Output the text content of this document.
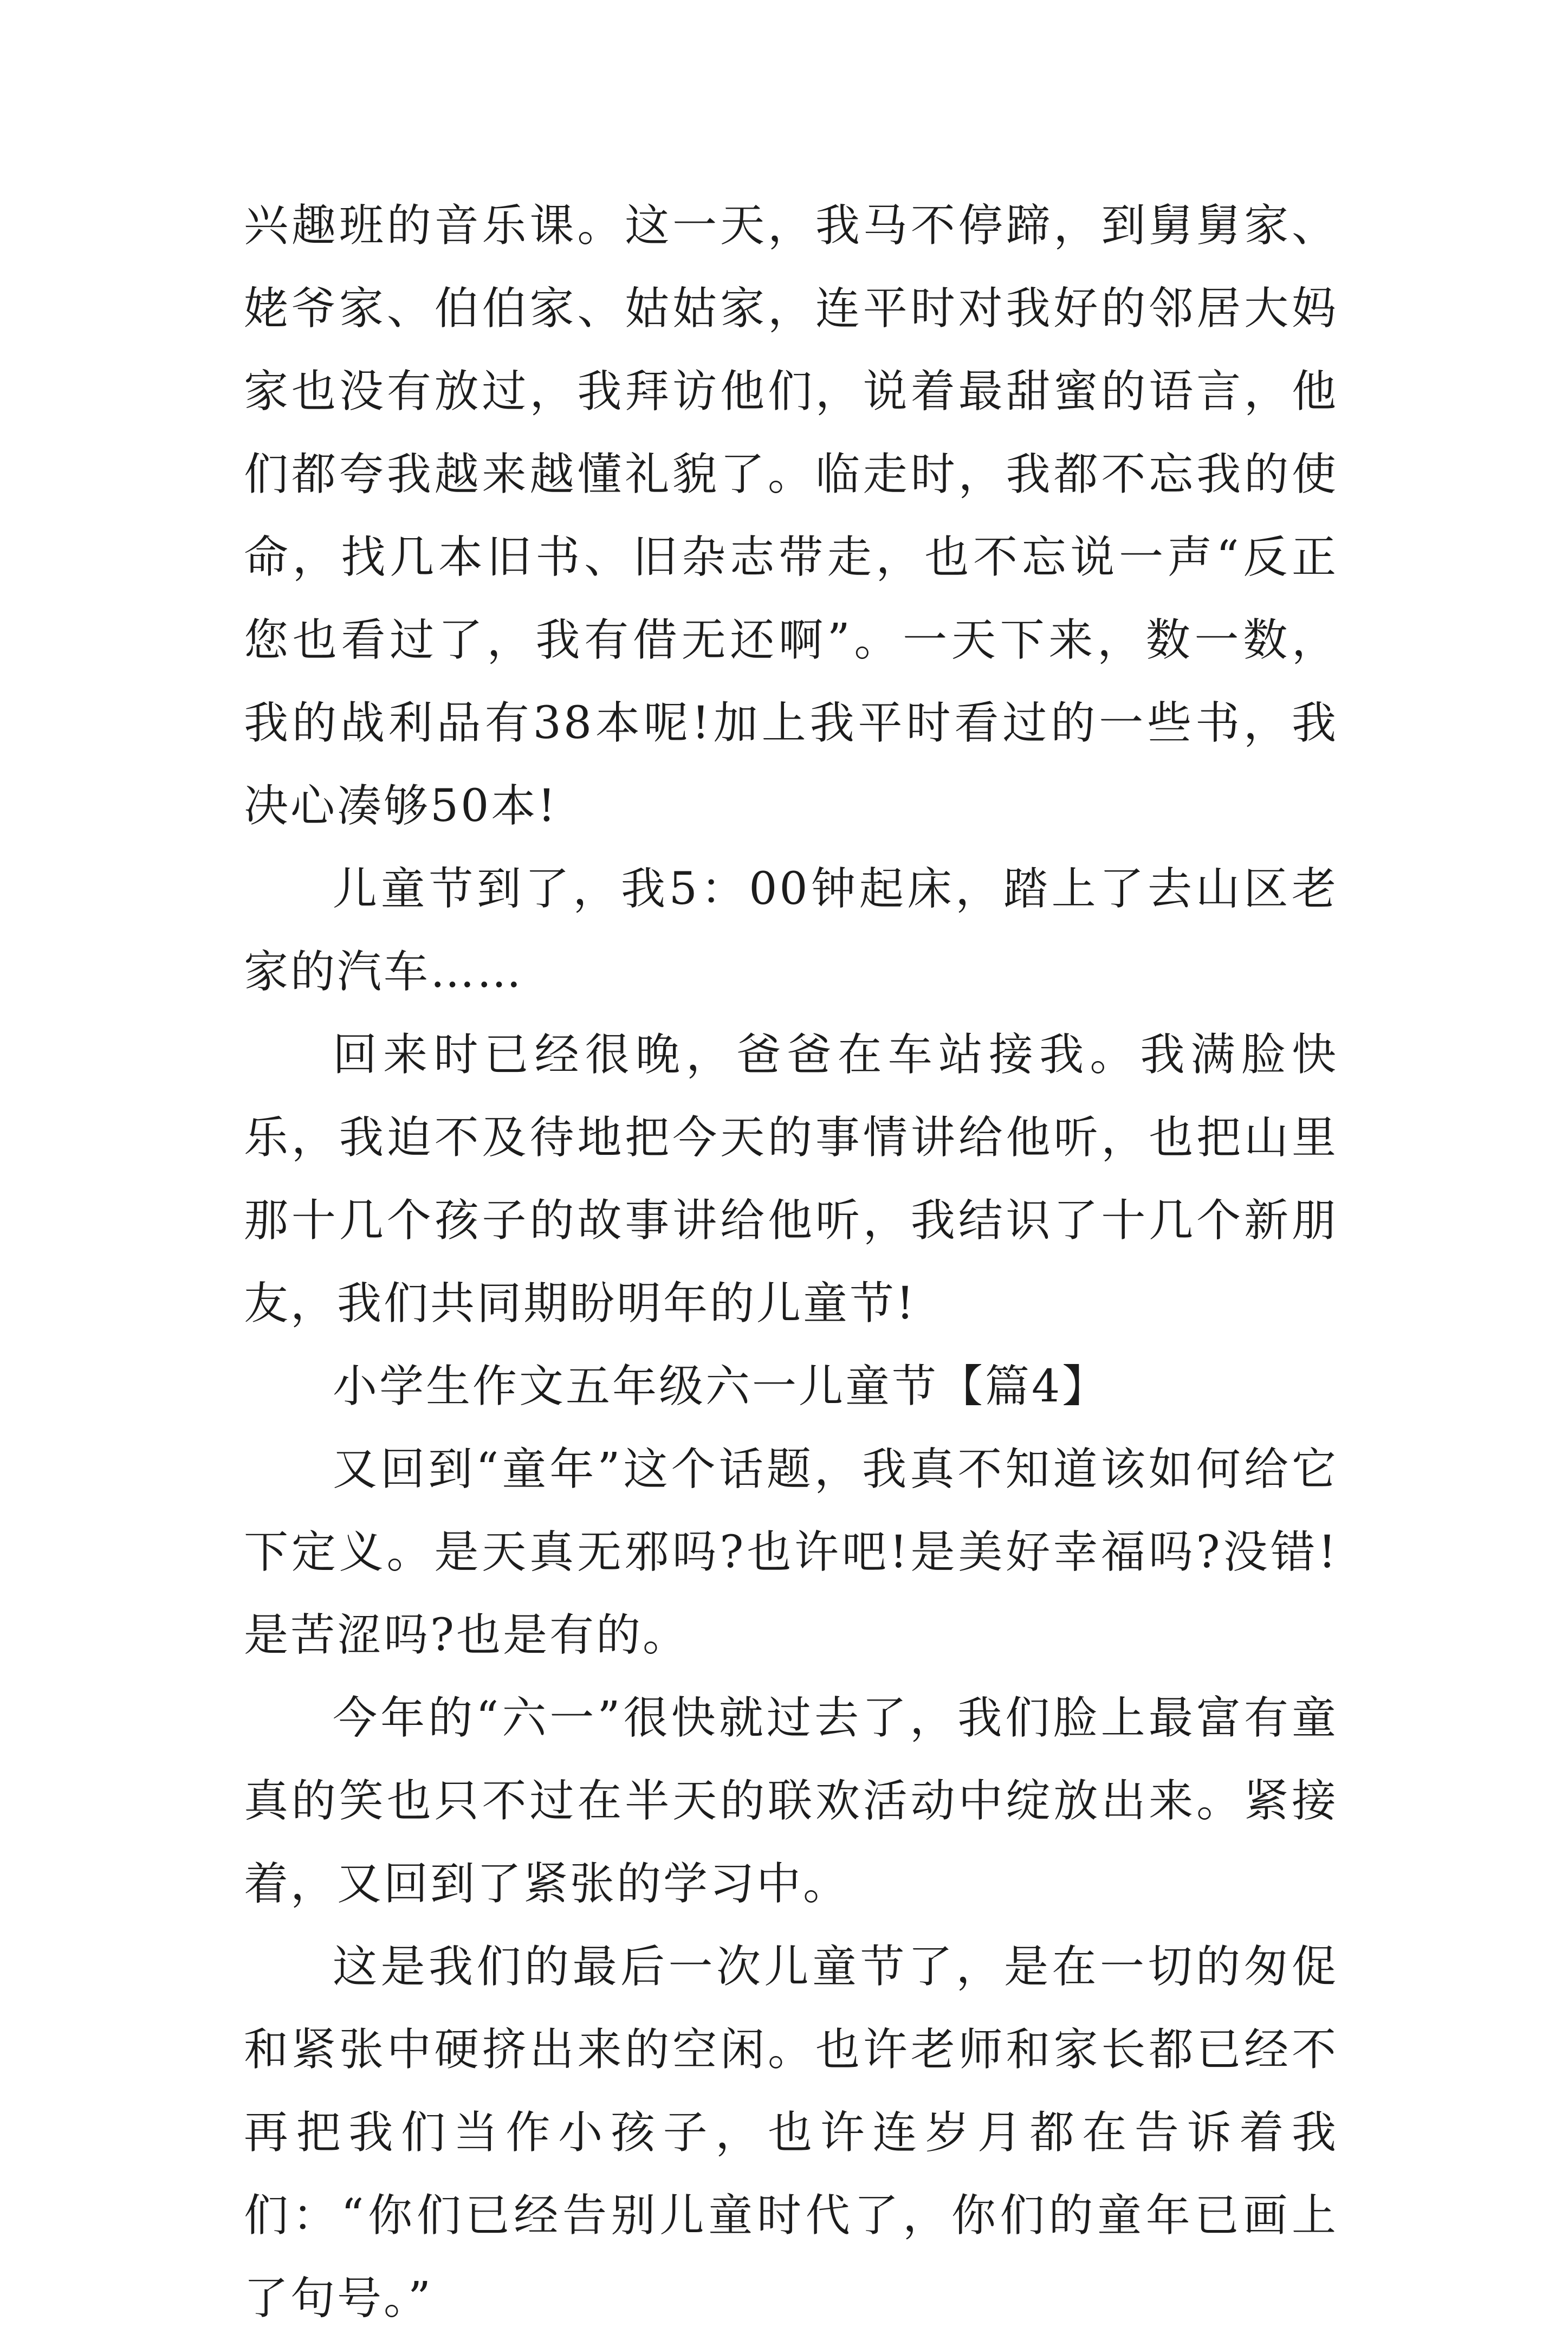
兴趣班的音乐课。这一天，我马不停蹄，到舅舅家、姥爷家、伯伯家、姑姑家，连平时对我好的邻居大妈家也没有放过，我拜访他们，说着最甜蜜的语言，他们都夸我越来越懂礼貌了。临走时，我都不忘我的使命，找几本旧书、旧杂志带走，也不忘说一声“反正您也看过了，我有借无还啊”。一天下来，数一数，我的战利品有38本呢!加上我平时看过的一些书，我决心凑够50本!

儿童节到了，我5：00钟起床，踏上了去山区老家的汽车……

回来时已经很晚，爸爸在车站接我。我满脸快乐，我迫不及待地把今天的事情讲给他听，也把山里那十几个孩子的故事讲给他听，我结识了十几个新朋友，我们共同期盼明年的儿童节!

小学生作文五年级六一儿童节【篇4】

又回到“童年”这个话题，我真不知道该如何给它下定义。是天真无邪吗?也许吧!是美好幸福吗?没错!是苦涩吗?也是有的。

今年的“六一”很快就过去了，我们脸上最富有童真的笑也只不过在半天的联欢活动中绽放出来。紧接着，又回到了紧张的学习中。

这是我们的最后一次儿童节了，是在一切的匆促和紧张中硬挤出来的空闲。也许老师和家长都已经不再把我们当作小孩子，也许连岁月都在告诉着我们：“你们已经告别儿童时代了，你们的童年已画上了句号。”
